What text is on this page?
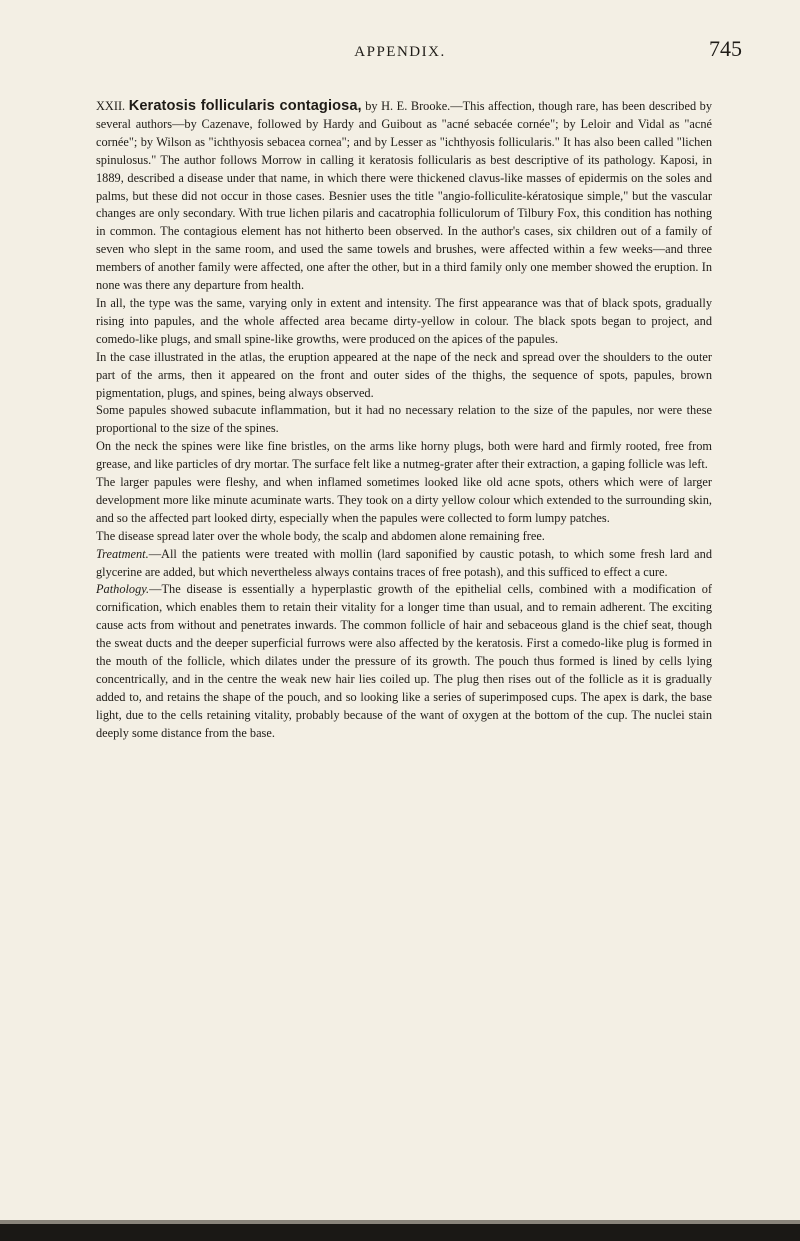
APPENDIX.	745

XXII. Keratosis follicularis contagiosa, by H. E. Brooke.—This affection, though rare, has been described by several authors—by Cazenave, followed by Hardy and Guibout as "acné sebacée cornée"; by Leloir and Vidal as "acné cornée"; by Wilson as "ichthyosis sebacea cornea"; and by Lesser as "ichthyosis follicularis." It has also been called "lichen spinulosus." The author follows Morrow in calling it keratosis follicularis as best descriptive of its pathology. Kaposi, in 1889, described a disease under that name, in which there were thickened clavus-like masses of epidermis on the soles and palms, but these did not occur in those cases. Besnier uses the title "angio-folliculite-kératosique simple," but the vascular changes are only secondary. With true lichen pilaris and cacatrophia folliculorum of Tilbury Fox, this condition has nothing in common. The contagious element has not hitherto been observed. In the author's cases, six children out of a family of seven who slept in the same room, and used the same towels and brushes, were affected within a few weeks—and three members of another family were affected, one after the other, but in a third family only one member showed the eruption. In none was there any departure from health.

In all, the type was the same, varying only in extent and intensity. The first appearance was that of black spots, gradually rising into papules, and the whole affected area became dirty-yellow in colour. The black spots began to project, and comedo-like plugs, and small spine-like growths, were produced on the apices of the papules.

In the case illustrated in the atlas, the eruption appeared at the nape of the neck and spread over the shoulders to the outer part of the arms, then it appeared on the front and outer sides of the thighs, the sequence of spots, papules, brown pigmentation, plugs, and spines, being always observed.

Some papules showed subacute inflammation, but it had no necessary relation to the size of the papules, nor were these proportional to the size of the spines.

On the neck the spines were like fine bristles, on the arms like horny plugs, both were hard and firmly rooted, free from grease, and like particles of dry mortar. The surface felt like a nutmeg-grater after their extraction, a gaping follicle was left.

The larger papules were fleshy, and when inflamed sometimes looked like old acne spots, others which were of larger development more like minute acuminate warts. They took on a dirty yellow colour which extended to the surrounding skin, and so the affected part looked dirty, especially when the papules were collected to form lumpy patches.

The disease spread later over the whole body, the scalp and abdomen alone remaining free.

Treatment.—All the patients were treated with mollin (lard saponified by caustic potash, to which some fresh lard and glycerine are added, but which nevertheless always contains traces of free potash), and this sufficed to effect a cure.

Pathology.—The disease is essentially a hyperplastic growth of the epithelial cells, combined with a modification of cornification, which enables them to retain their vitality for a longer time than usual, and to remain adherent. The exciting cause acts from without and penetrates inwards. The common follicle of hair and sebaceous gland is the chief seat, though the sweat ducts and the deeper superficial furrows were also affected by the keratosis. First a comedo-like plug is formed in the mouth of the follicle, which dilates under the pressure of its growth. The pouch thus formed is lined by cells lying concentrically, and in the centre the weak new hair lies coiled up. The plug then rises out of the follicle as it is gradually added to, and retains the shape of the pouch, and so looking like a series of superimposed cups. The apex is dark, the base light, due to the cells retaining vitality, probably because of the want of oxygen at the bottom of the cup. The nuclei stain deeply some distance from the base.
